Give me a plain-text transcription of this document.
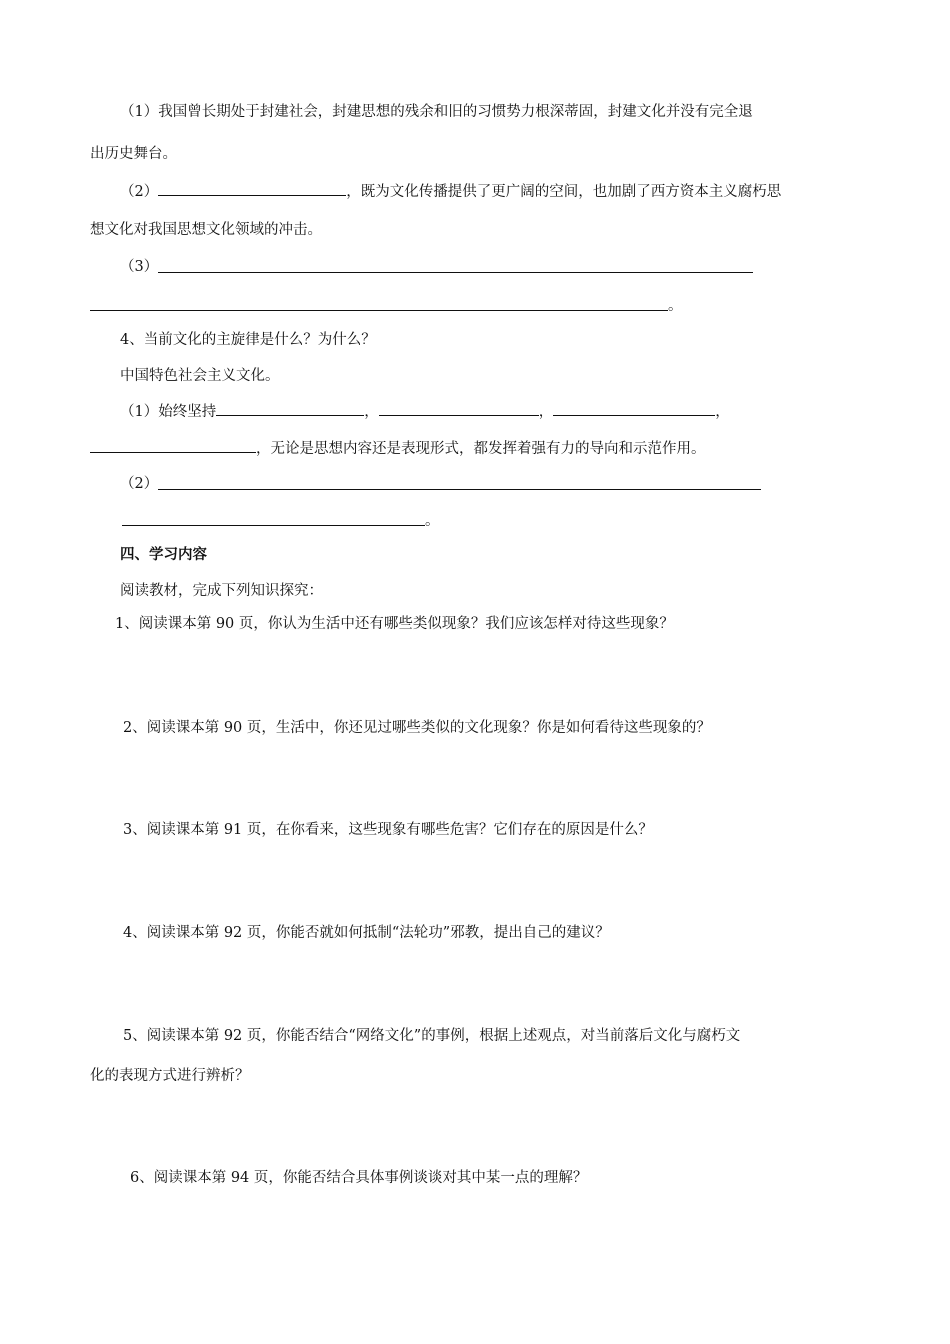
（1）我国曾长期处于封建社会，封建思想的残余和旧的习惯势力根深蒂固，封建文化并没有完全退
出历史舞台。
（2）	，既为文化传播提供了更广阔的空间，也加剧了西方资本主义腐朽思
想文化对我国思想文化领域的冲击。
（3）
。
4、当前文化的主旋律是什么？为什么？
中国特色社会主义文化。
（1）始终坚持	，	，	，
，无论是思想内容还是表现形式，都发挥着强有力的导向和示范作用。
（2）
。
四、学习内容
阅读教材，完成下列知识探究：
1、阅读课本第 90 页，你认为生活中还有哪些类似现象？我们应该怎样对待这些现象？
2、阅读课本第 90 页，生活中，你还见过哪些类似的文化现象？你是如何看待这些现象的？
3、阅读课本第 91 页，在你看来，这些现象有哪些危害？它们存在的原因是什么？
4、阅读课本第 92 页，你能否就如何抵制“法轮功”邪教，提出自己的建议？
5、阅读课本第 92 页，你能否结合“网络文化”的事例，根据上述观点，对当前落后文化与腐朽文
化的表现方式进行辨析？
6、阅读课本第 94 页，你能否结合具体事例谈谈对其中某一点的理解？
